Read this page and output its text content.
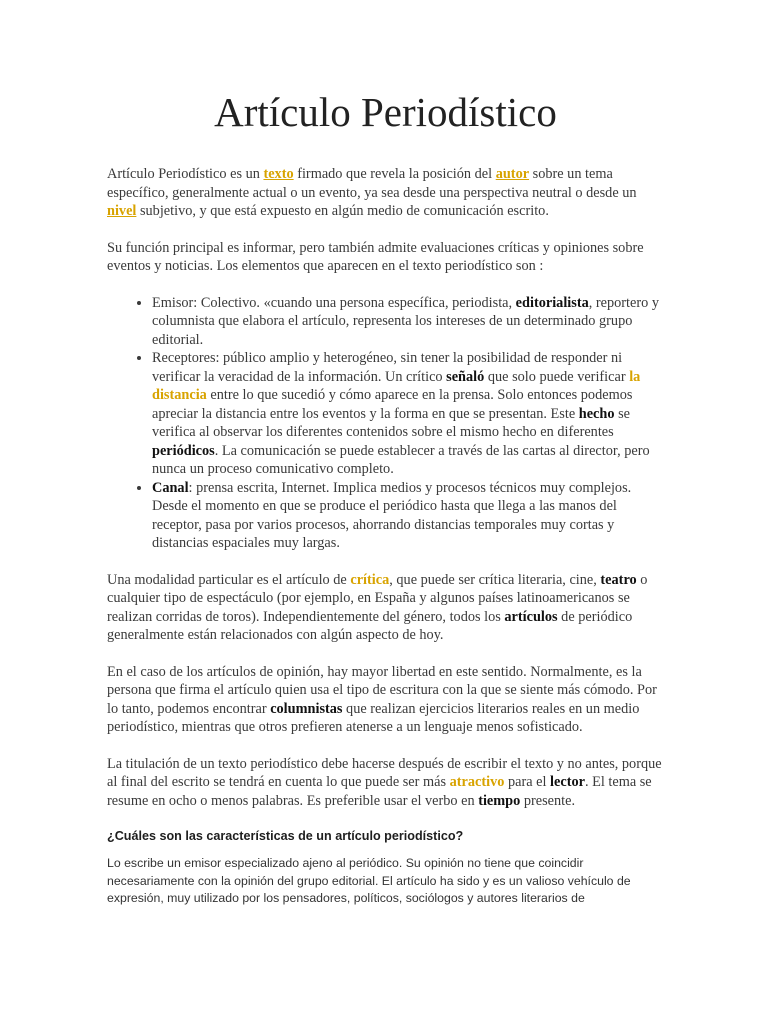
Artículo Periodístico

Artículo Periodístico es un texto firmado que revela la posición del autor sobre un tema específico, generalmente actual o un evento, ya sea desde una perspectiva neutral o desde un nivel subjetivo, y que está expuesto en algún medio de comunicación escrito.

Su función principal es informar, pero también admite evaluaciones críticas y opiniones sobre eventos y noticias. Los elementos que aparecen en el texto periodístico son :

• Emisor: Colectivo. «cuando una persona específica, periodista, editorialista, reportero y columnista que elabora el artículo, representa los intereses de un determinado grupo editorial.
• Receptores: público amplio y heterogéneo, sin tener la posibilidad de responder ni verificar la veracidad de la información. Un crítico señaló que solo puede verificar la distancia entre lo que sucedió y cómo aparece en la prensa. Solo entonces podemos apreciar la distancia entre los eventos y la forma en que se presentan. Este hecho se verifica al observar los diferentes contenidos sobre el mismo hecho en diferentes periódicos. La comunicación se puede establecer a través de las cartas al director, pero nunca un proceso comunicativo completo.
• Canal: prensa escrita, Internet. Implica medios y procesos técnicos muy complejos. Desde el momento en que se produce el periódico hasta que llega a las manos del receptor, pasa por varios procesos, ahorrando distancias temporales muy cortas y distancias espaciales muy largas.

Una modalidad particular es el artículo de crítica, que puede ser crítica literaria, cine, teatro o cualquier tipo de espectáculo (por ejemplo, en España y algunos países latinoamericanos se realizan corridas de toros). Independientemente del género, todos los artículos de periódico generalmente están relacionados con algún aspecto de hoy.

En el caso de los artículos de opinión, hay mayor libertad en este sentido. Normalmente, es la persona que firma el artículo quien usa el tipo de escritura con la que se siente más cómodo. Por lo tanto, podemos encontrar columnistas que realizan ejercicios literarios reales en un medio periodístico, mientras que otros prefieren atenerse a un lenguaje menos sofisticado.

La titulación de un texto periodístico debe hacerse después de escribir el texto y no antes, porque al final del escrito se tendrá en cuenta lo que puede ser más atractivo para el lector. El tema se resume en ocho o menos palabras. Es preferible usar el verbo en tiempo presente.

¿Cuáles son las características de un artículo periodístico?

Lo escribe un emisor especializado ajeno al periódico. Su opinión no tiene que coincidir necesariamente con la opinión del grupo editorial. El artículo ha sido y es un valioso vehículo de expresión, muy utilizado por los pensadores, políticos, sociólogos y autores literarios de
